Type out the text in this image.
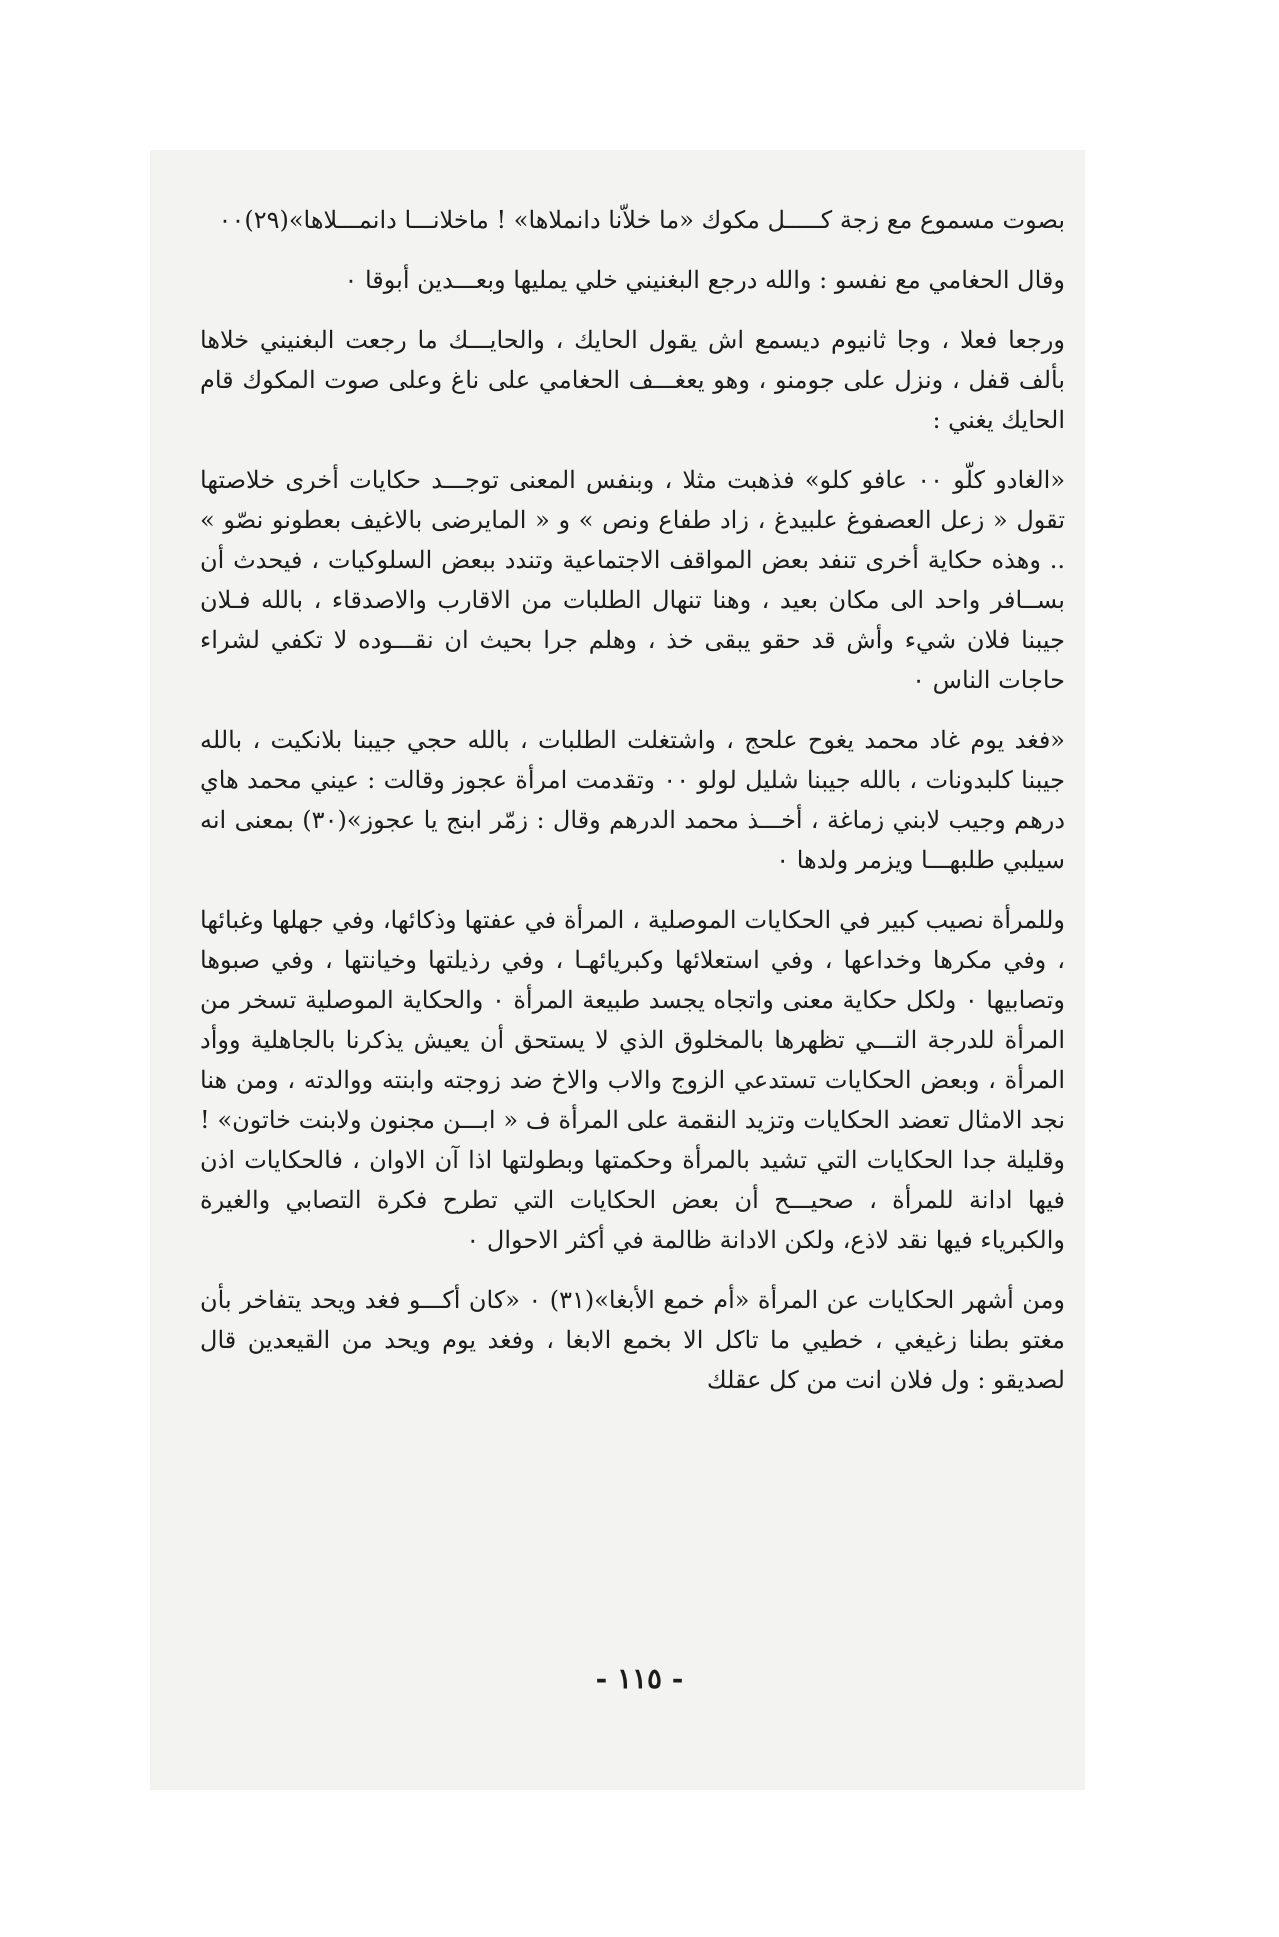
بصوت مسموع مع زجة كـــــل مكوك «ما خلا‌ّنا دانملاها» ! ماخلانـــا دانمـــلاها»(٢٩)٠٠

وقال الحغامي مع نفسو : والله درجع البغنيني خلي يمليها وبعـــدين أبوقا ٠

ورجعا فعلا ، وجا ثانيوم ديسمع اش يقول الحايك ، والحايـــك ما رجعت البغنيني خلاها بألف قفل ، ونزل على جومنو ، وهو يعغـــف الحغامي على ناغ وعلى صوت المكوك قام الحايك يغني :

«الغادو كلّو ٠٠ عافو كلو» فذهبت مثلا ، وبنفس المعنى توجـــد حكايات أخرى خلاصتها تقول « زعل العصفوغ علبيدغ ، زاد طفاع ونص » و « المايرضى بالاغيف بعطونو نصّو » .. وهذه حكاية أخرى تنفد بعض المواقف الاجتماعية وتندد ببعض السلوكيات ، فيحدث أن بســافر واحد الى مكان بعيد ، وهنا تنهال الطلبات من الاقارب والاصدقاء ، بالله فـلان جيبنا فلان شيء وأش قد حقو يبقى خذ ، وهلم جرا بحيث ان نقـــوده لا تكفي لشراء حاجات الناس ٠

«فغد يوم غاد محمد يغوح علحج ، واشتغلت الطلبات ، بالله حجي جيبنا بلانكيت ، بالله جيبنا كلبدونات ، بالله جيبنا شليل لولو ٠٠ وتقدمت امرأة عجوز وقالت : عيني محمد هاي درهم وجيب لابني زماغة ، أخـــذ محمد الدرهم وقال : زمّر ابنج يا عجوز»(٣٠) بمعنى انه سيلبي طلبهـــا ويزمر ولدها ٠

وللمرأة نصيب كبير في الحكايات الموصلية ، المرأة في عفتها وذكائها، وفي جهلها وغبائها ، وفي مكرها وخداعها ، وفي استعلائها وكبريائهـا ، وفي رذيلتها وخيانتها ، وفي صبوها وتصابيها ٠ ولكل حكاية معنى واتجاه يجسد طبيعة المرأة ٠ والحكاية الموصلية تسخر من المرأة للدرجة التـــي تظهرها بالمخلوق الذي لا يستحق أن يعيش يذكرنا بالجاهلية ووأد المرأة ، وبعض الحكايات تستدعي الزوج والاب والاخ ضد زوجته وابنته ووالدته ، ومن هنا نجد الامثال تعضد الحكايات وتزيد النقمة على المرأة ف « ابـــن مجنون ولابنت خاتون» ! وقليلة جدا الحكايات التي تشيد بالمرأة وحكمتها وبطولتها اذا آن الاوان ، فالحكايات اذن فيها ادانة للمرأة ، صحيـــح أن بعض الحكايات التي تطرح فكرة التصابي والغيرة والكبرياء فيها نقد لاذع، ولكن الادانة ظالمة في أكثر الاحوال ٠

ومن أشهر الحكايات عن المرأة «أم خمع الأبغا»(٣١) ٠ «كان أكـــو فغد ويحد يتفاخر بأن مغتو بطنا زغيغي ، خطيي ما تاكل الا بخمع الابغا ، وفغد يوم ويحد من القيعدين قال لصديقو : ول فلان انت من كل عقلك

- ١١٥ -
